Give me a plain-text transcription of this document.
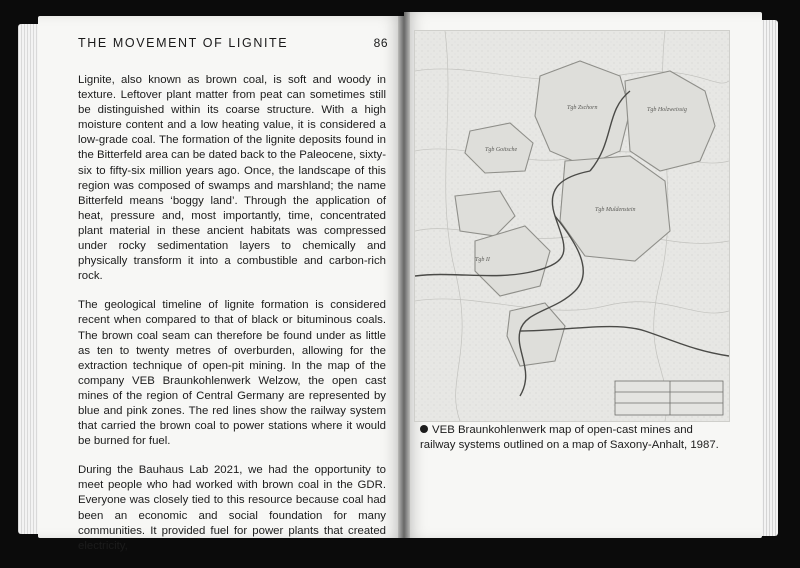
THE MOVEMENT OF LIGNITE	86

Lignite, also known as brown coal, is soft and woody in texture. Leftover plant matter from peat can sometimes still be distinguished within its coarse structure. With a high moisture content and a low heating value, it is considered a low-grade coal. The formation of the lignite deposits found in the Bitterfeld area can be dated back to the Paleocene, sixty-six to fifty-six million years ago. Once, the landscape of this region was composed of swamps and marshland; the name Bitterfeld means ‘boggy land’. Through the application of heat, pressure and, most importantly, time, concentrated plant material in these ancient habitats was compressed under rocky sedimentation layers to chemically and physically transform it into a combustible and carbon-rich rock.

The geological timeline of lignite formation is considered recent when compared to that of black or bituminous coals. The brown coal seam can therefore be found under as little as ten to twenty metres of overburden, allowing for the extraction technique of open-pit mining. In the map of the company VEB Braunkohlenwerk Welzow, the open cast mines of the region of Central Germany are represented by blue and pink zones. The red lines show the railway system that carried the brown coal to power stations where it would be burned for fuel.

During the Bauhaus Lab 2021, we had the opportunity to meet people who had worked with brown coal in the GDR. Everyone was closely tied to this resource because coal had been an economic and social foundation for many communities. It provided fuel for power plants that created electricity,

Tgb Zschorn	Tgb Holzweissig
Tgb Goitsche
Tgb II
Tgb Muldenstein
VEB Braunkohlenwerk map of open-cast mines and railway systems outlined on a map of Saxony-Anhalt, 1987.
